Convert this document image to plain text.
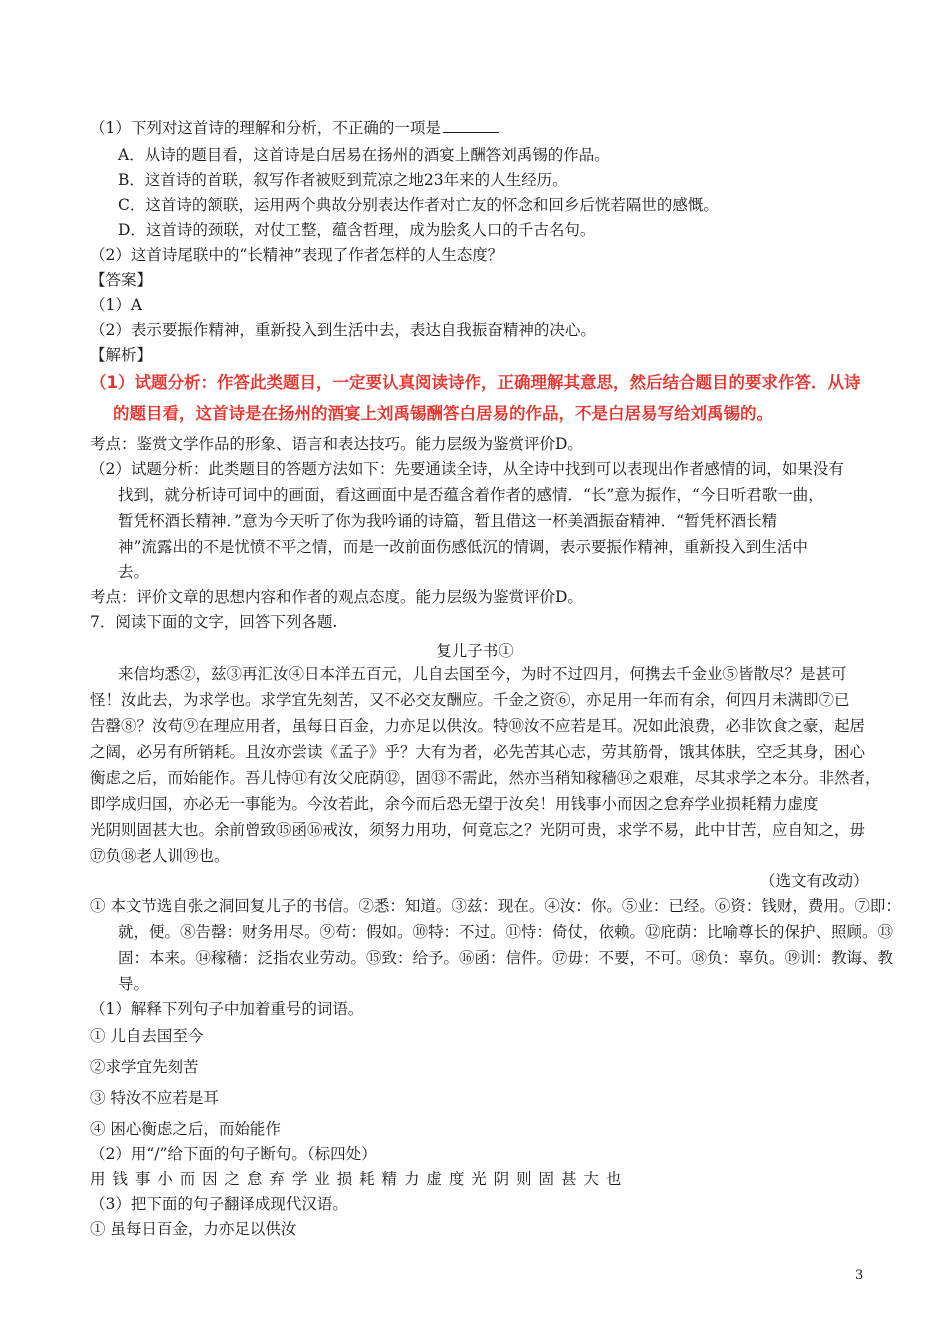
（1）下列对这首诗的理解和分析，不正确的一项是
A．从诗的题目看，这首诗是白居易在扬州的酒宴上酬答刘禹锡的作品。
B．这首诗的首联，叙写作者被贬到荒凉之地23年来的人生经历。
C．这首诗的颔联，运用两个典故分别表达作者对亡友的怀念和回乡后恍若隔世的感慨。
D．这首诗的颈联，对仗工整，蕴含哲理，成为脍炙人口的千古名句。
（2）这首诗尾联中的“长精神”表现了作者怎样的人生态度？
【答案】
（1）A
（2）表示要振作精神，重新投入到生活中去，表达自我振奋精神的决心。
【解析】
（1）试题分析：作答此类题目，一定要认真阅读诗作，正确理解其意思，然后结合题目的要求作答．从诗
的题目看，这首诗是在扬州的酒宴上刘禹锡酬答白居易的作品，不是白居易写给刘禹锡的。
考点：鉴赏文学作品的形象、语言和表达技巧。能力层级为鉴赏评价D。
（2）试题分析：此类题目的答题方法如下：先要通读全诗，从全诗中找到可以表现出作者感情的词，如果没有
找到，就分析诗可词中的画面，看这画面中是否蕴含着作者的感情．“长”意为振作，“今日听君歌一曲，
暂凭杯酒长精神．”意为今天听了你为我吟诵的诗篇，暂且借这一杯美酒振奋精神．“暂凭杯酒长精
神”流露出的不是忧愤不平之情，而是一改前面伤感低沉的情调，表示要振作精神，重新投入到生活中
去。
考点：评价文章的思想内容和作者的观点态度。能力层级为鉴赏评价D。
7．阅读下面的文字，回答下列各题.
复儿子书①
来信均悉②，兹③再汇汝④日本洋五百元，儿自去国至今，为时不过四月，何携去千金业⑤皆散尽？是甚可
怪！汝此去，为求学也。求学宜先刻苦，又不必交友酬应。千金之资⑥，亦足用一年而有余，何四月未满即⑦已
告罄⑧？汝苟⑨在理应用者，虽每日百金，力亦足以供汝。特⑩汝不应若是耳。况如此浪费，必非饮食之豪，起居
之阔，必另有所销耗。且汝亦尝读《孟子》乎？大有为者，必先苦其心志，劳其筋骨，饿其体肤，空乏其身，困心
衡虑之后，而始能作。吾儿恃⑪有汝父庇荫⑫，固⑬不需此，然亦当稍知稼穑⑭之艰难，尽其求学之本分。非然者，
即学成归国，亦必无一事能为。今汝若此，余今而后恐无望于汝矣！用钱事小而因之怠弃学业损耗精力虚度
光阴则固甚大也。余前曾致⑮函⑯戒汝，须努力用功，何竟忘之？光阴可贵，求学不易，此中甘苦，应自知之，毋
⑰负⑱老人训⑲也。
（选文有改动）
① 本文节选自张之洞回复儿子的书信。②悉：知道。③兹：现在。④汝：你。⑤业：已经。⑥资：钱财，费用。⑦即：
就，便。⑧告罄：财务用尽。⑨苟：假如。⑩特：不过。⑪恃：倚仗，依赖。⑫庇荫：比喻尊长的保护、照顾。⑬
固：本来。⑭稼穑：泛指农业劳动。⑮致：给予。⑯函：信件。⑰毋：不要，不可。⑱负：辜负。⑲训：教诲、教
导。
（1）解释下列句子中加着重号的词语。
① 儿自去国至今
②求学宜先刻苦
③ 特汝不应若是耳
④ 困心衡虑之后，而始能作
（2）用“/”给下面的句子断句。（标四处）
用 钱 事 小 而 因 之 怠 弃 学 业 损 耗 精 力 虚 度 光 阴 则 固 甚 大 也
（3）把下面的句子翻译成现代汉语。
① 虽每日百金，力亦足以供汝
3
